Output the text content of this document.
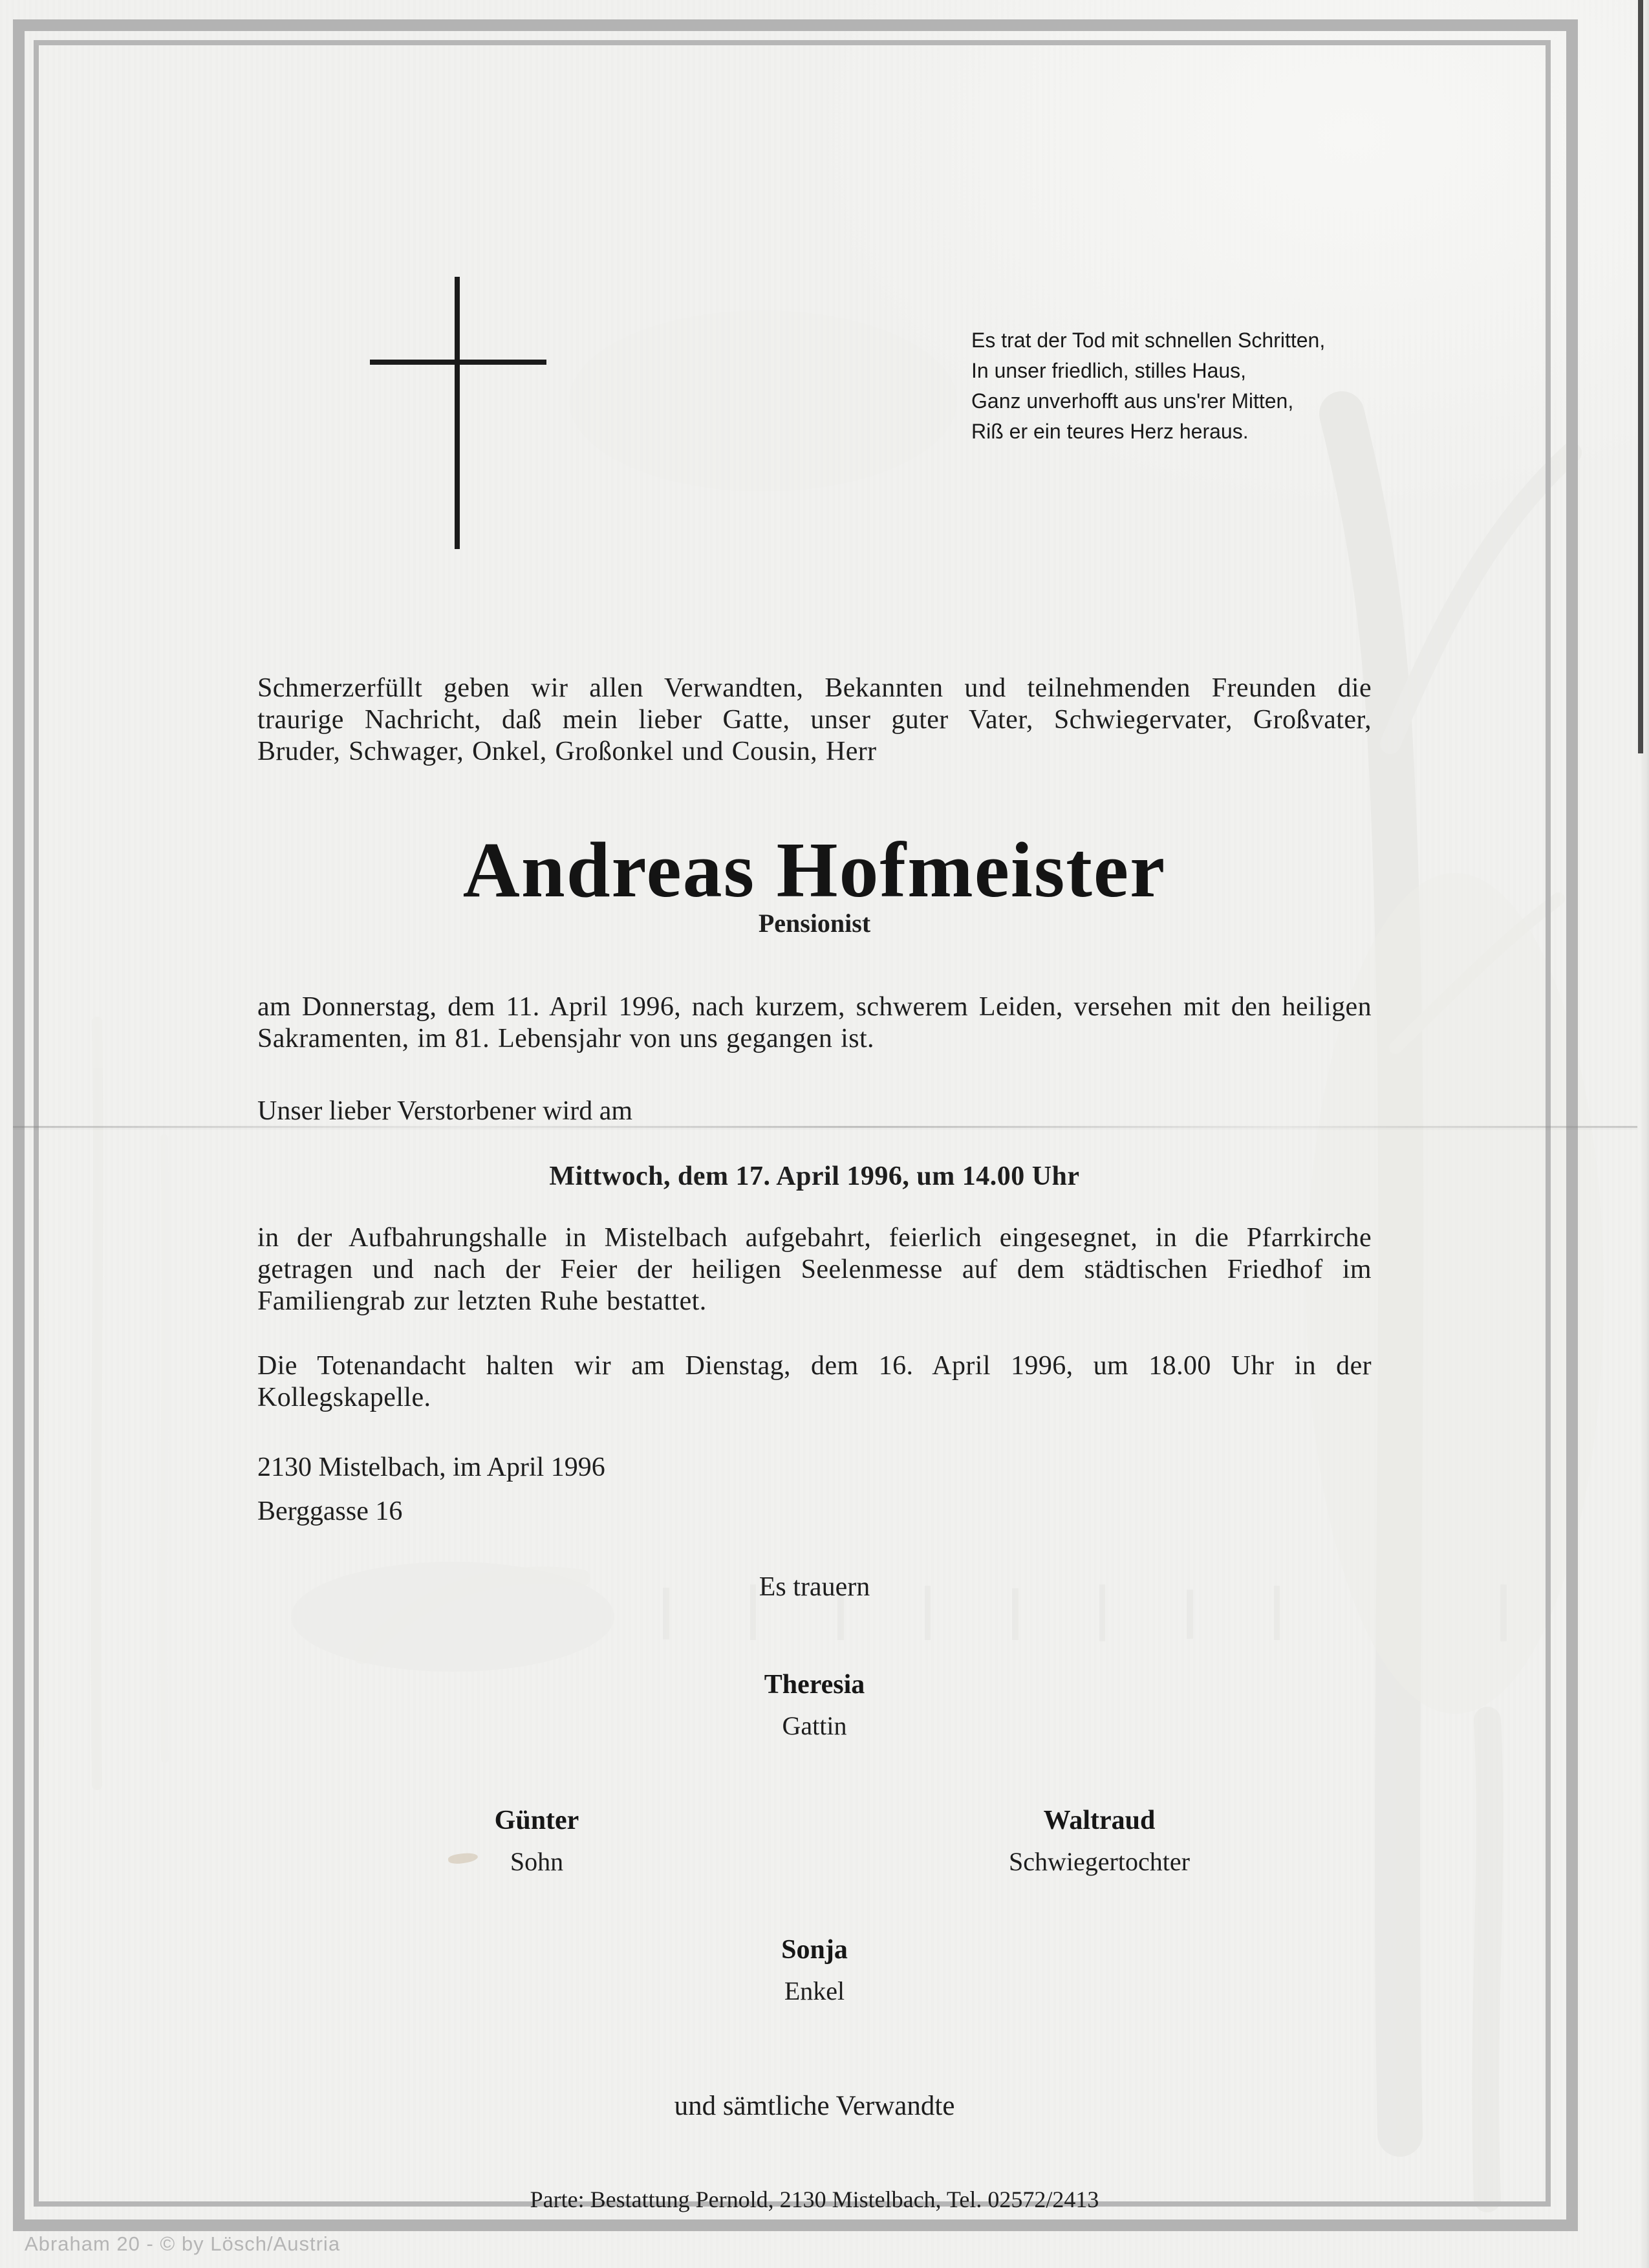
Es trat der Tod mit schnellen Schritten,
In unser friedlich, stilles Haus,
Ganz unverhofft aus uns'rer Mitten,
Riß er ein teures Herz heraus.
Schmerzerfüllt geben wir allen Verwandten, Bekannten und teilnehmenden Freunden die
traurige Nachricht, daß mein lieber Gatte, unser guter Vater, Schwiegervater, Großvater,
Bruder, Schwager, Onkel, Großonkel und Cousin, Herr
Andreas Hofmeister
Pensionist
am Donnerstag, dem 11. April 1996, nach kurzem, schwerem Leiden, versehen mit den heiligen
Sakramenten, im 81. Lebensjahr von uns gegangen ist.
Unser lieber Verstorbener wird am
Mittwoch, dem 17. April 1996, um 14.00 Uhr
in der Aufbahrungshalle in Mistelbach aufgebahrt, feierlich eingesegnet, in die Pfarrkirche
getragen und nach der Feier der heiligen Seelenmesse auf dem städtischen Friedhof im
Familiengrab zur letzten Ruhe bestattet.
Die Totenandacht halten wir am Dienstag, dem 16. April 1996, um 18.00 Uhr in der
Kollegskapelle.
2130 Mistelbach, im April 1996
Berggasse 16
Es trauern
Theresia
Gattin
Günter
Sohn
Waltraud
Schwiegertochter
Sonja
Enkel
und sämtliche Verwandte
Parte: Bestattung Pernold, 2130 Mistelbach, Tel. 02572/2413
Abraham 20 - © by Lösch/Austria
